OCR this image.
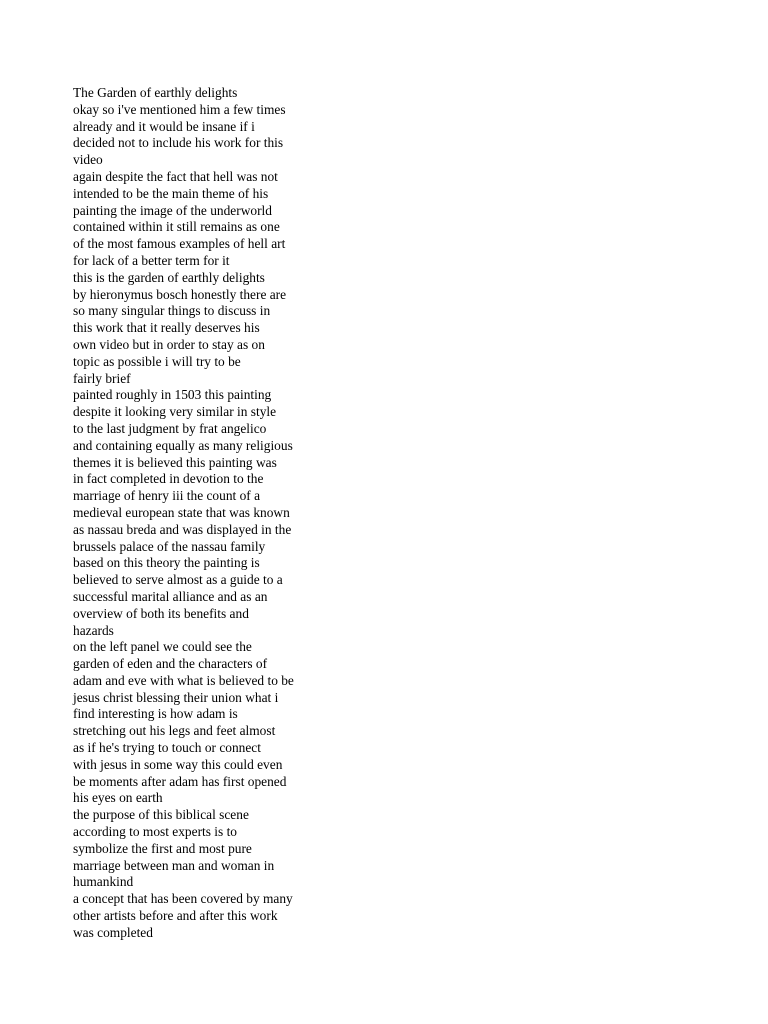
The Garden of earthly delights
okay so i've mentioned him a few times
already and it would be insane if i
decided not to include his work for this
video
again despite the fact that hell was not
intended to be the main theme of his
painting the image of the underworld
contained within it still remains as one
of the most famous examples of hell art
for lack of a better term for it
this is the garden of earthly delights
by hieronymus bosch honestly there are
so many singular things to discuss in
this work that it really deserves his
own video but in order to stay as on
topic as possible i will try to be
fairly brief
painted roughly in 1503 this painting
despite it looking very similar in style
to the last judgment by frat angelico
and containing equally as many religious
themes it is believed this painting was
in fact completed in devotion to the
marriage of henry iii the count of a
medieval european state that was known
as nassau breda and was displayed in the
brussels palace of the nassau family
based on this theory the painting is
believed to serve almost as a guide to a
successful marital alliance and as an
overview of both its benefits and
hazards
on the left panel we could see the
garden of eden and the characters of
adam and eve with what is believed to be
jesus christ blessing their union what i
find interesting is how adam is
stretching out his legs and feet almost
as if he's trying to touch or connect
with jesus in some way this could even
be moments after adam has first opened
his eyes on earth
the purpose of this biblical scene
according to most experts is to
symbolize the first and most pure
marriage between man and woman in
humankind
a concept that has been covered by many
other artists before and after this work
was completed
